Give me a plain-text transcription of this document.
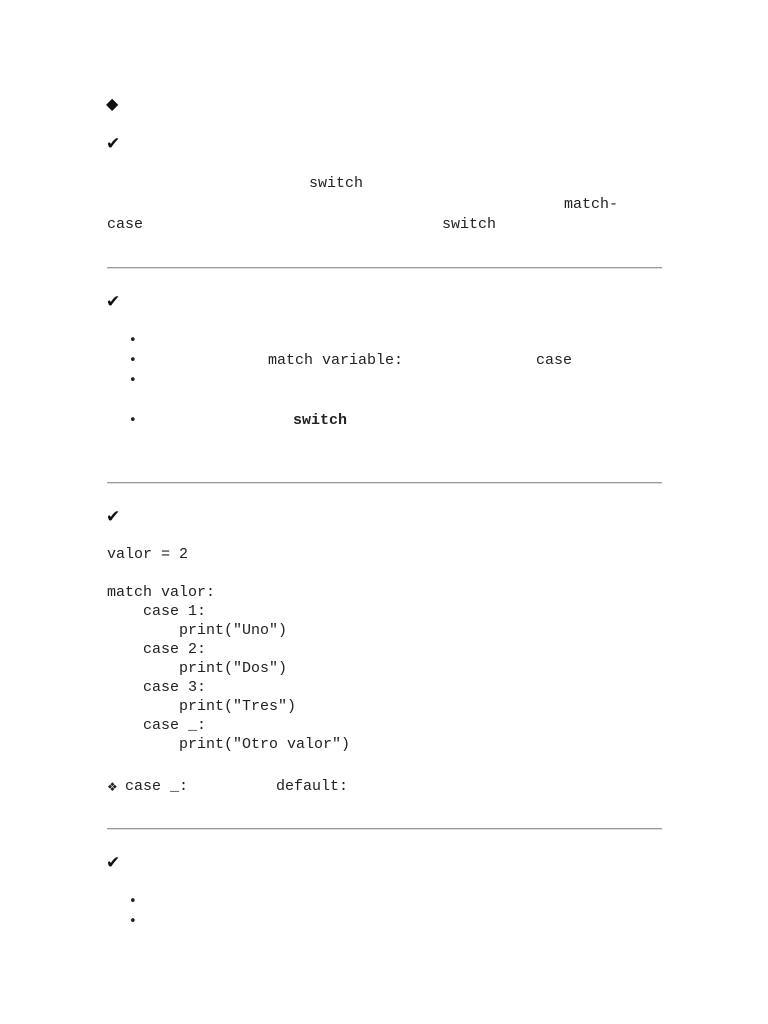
◆
✔
switch
match-
case	switch
✔
•
•	match variable:	case
•
•	switch
✔
valor = 2
match valor:
case 1:
print("Uno")
case 2:
print("Dos")
case 3:
print("Tres")
case _:
print("Otro valor")
❖ case _:	default:
✔
•
•
